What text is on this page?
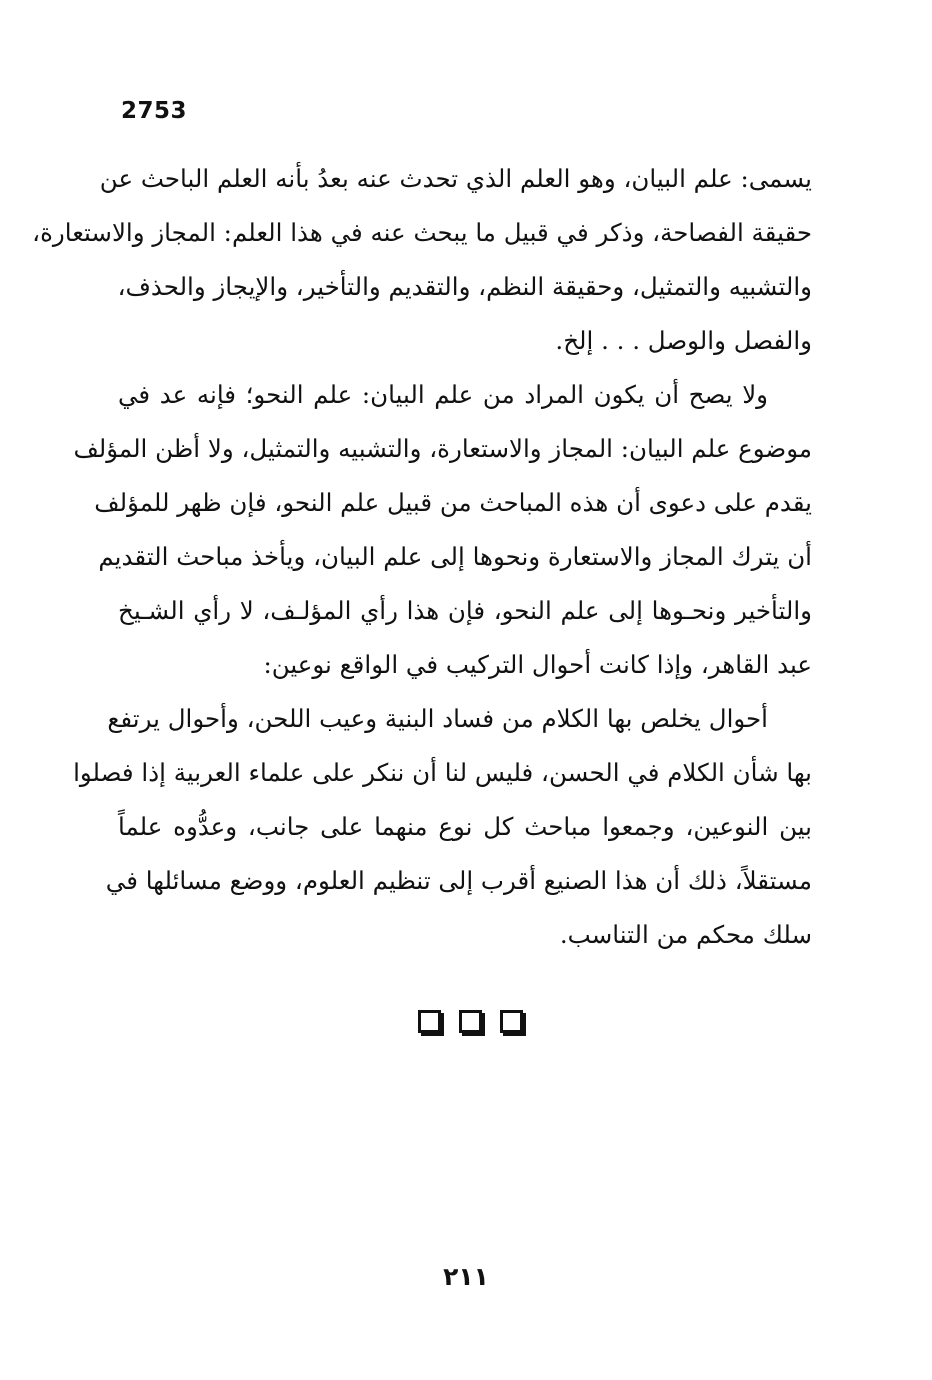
2753
يسمى: علم البيان، وهو العلم الذي تحدث عنه بعدُ بأنه العلم الباحث عن
حقيقة الفصاحة، وذكر في قبيل ما يبحث عنه في هذا العلم: المجاز والاستعارة،
والتشبيه والتمثيل، وحقيقة النظم، والتقديم والتأخير، والإيجاز والحذف،
والفصل والوصل . . . إلخ.
ولا يصح أن يكون المراد من علم البيان: علم النحو؛ فإنه عد في
موضوع علم البيان: المجاز والاستعارة، والتشبيه والتمثيل، ولا أظن المؤلف
يقدم على دعوى أن هذه المباحث من قبيل علم النحو، فإن ظهر للمؤلف
أن يترك المجاز والاستعارة ونحوها إلى علم البيان، ويأخذ مباحث التقديم
والتأخير ونحـوها إلى علم النحو، فإن هذا رأي المؤلـف، لا رأي الشـيخ
عبد القاهر، وإذا كانت أحوال التركيب في الواقع نوعين:
أحوال يخلص بها الكلام من فساد البنية وعيب اللحن، وأحوال يرتفع
بها شأن الكلام في الحسن، فليس لنا أن ننكر على علماء العربية إذا فصلوا
بين النوعين، وجمعوا مباحث كل نوع منهما على جانب، وعدُّوه علماً
مستقلاً، ذلك أن هذا الصنيع أقرب إلى تنظيم العلوم، ووضع مسائلها في
سلك محكم من التناسب.
٢١١
